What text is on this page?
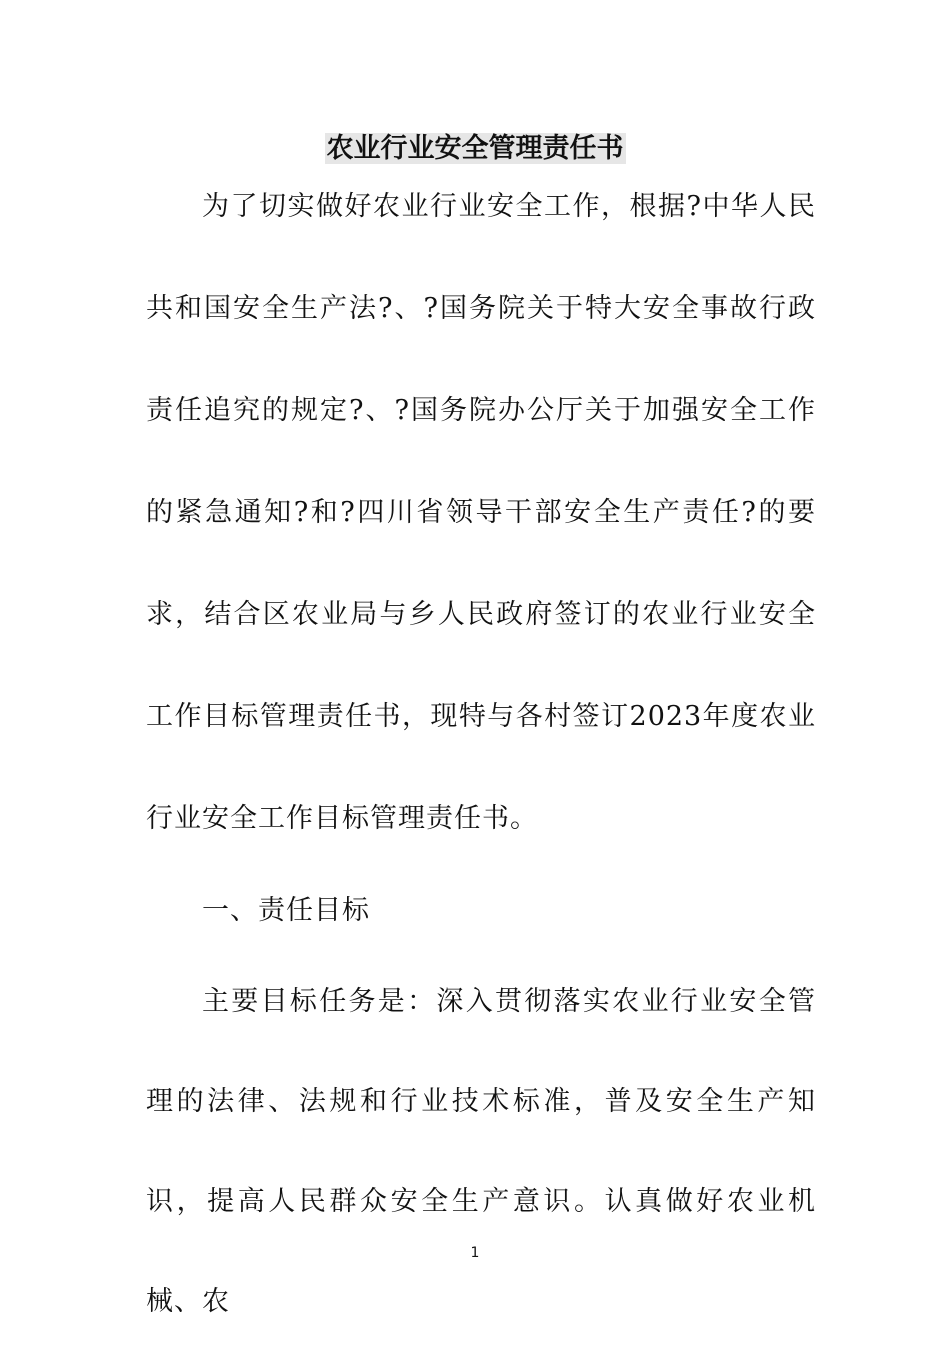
农业行业安全管理责任书

为了切实做好农业行业安全工作，根据?中华人民共和国安全生产法?、?国务院关于特大安全事故行政责任追究的规定?、?国务院办公厅关于加强安全工作的紧急通知?和?四川省领导干部安全生产责任?的要求，结合区农业局与乡人民政府签订的农业行业安全工作目标管理责任书，现特与各村签订2023年度农业行业安全工作目标管理责任书。

一、责任目标

主要目标任务是：深入贯彻落实农业行业安全管理的法律、法规和行业技术标准，普及安全生产知识，提高人民群众安全生产意识。认真做好农业机械、农

1
